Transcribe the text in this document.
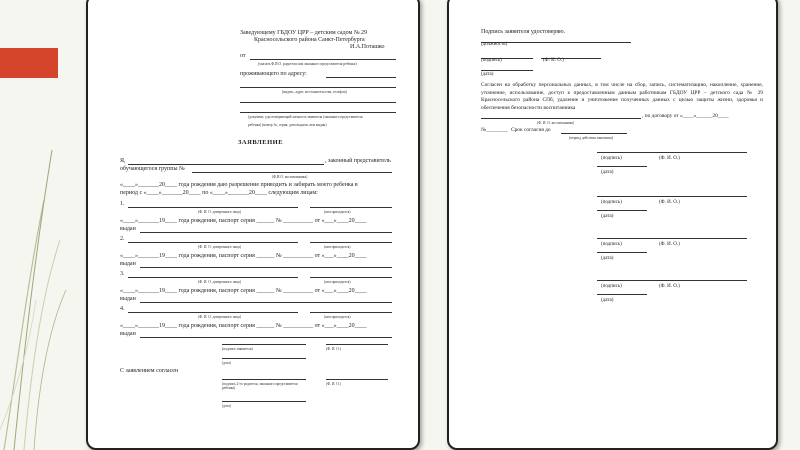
Заведующему ГБДОУ ЦРР – детским садом № 29
Красносельского района Санкт-Петербурга
И.А.Поташко
от
(указать Ф.И.О. родителя или законного представителя ребенка)
проживающего по адресу:
(индекс, адрес местожительства, телефон)
(документ, удостоверяющий личность заявителя (законного представителя
ребенка) (номер №, серия, дата выдачи, кем выдан)
ЗАЯВЛЕНИЕ
Я,	, законный представитель
обучающегося группы №
(Ф.И.О. воспитанника)
«____»_______20____ года рождения даю разрешение приводить и забирать моего ребенка в
период с «____»_______20____ по «____»_______20____ следующим лицам:
1.
(Ф. И. О. доверенного лица)	(кем приходится)
«____»_______19____ года рождения, паспорт серия ______ № __________ от «___»____20____
выдан
2.
(Ф. И. О. доверенного лица)	(кем приходится)
«____»_______19____ года рождения, паспорт серия ______ № __________ от «___»____20____
выдан
3.
(Ф. И. О. доверенного лица)	(кем приходится)
«____»_______19____ года рождения, паспорт серия ______ № __________ от «___»____20____
выдан
4.
(Ф. И. О. доверенного лица)	(кем приходится)
«____»_______19____ года рождения, паспорт серия ______ № __________ от «___»____20____
выдан
(подпись заявителя)	(Ф. И. О.)
(дата)
С заявлением согласен
(подпись 2-го родителя, законного представителя
ребенка)
(Ф. И. О.)
(дата)
Подпись заявителя удостоверяю.
(должность)
(подпись)	(Ф. И. О.)
(дата)
Согласен на обработку персональных данных, в том числе на сбор, запись, систематизацию, накопление, хранение, уточнение, использование, доступ к предоставленным данным работникам ГБДОУ ЦРР – детского сада № 29 Красносельского района СПб, удаление и уничтожение полученных данных с целью защиты жизни, здоровья и обеспечения безопасности воспитанника
, по договору от «____»______20____
(Ф. И. О. воспитанника)
№________ Срок согласия до
(период действия заявления)
(подпись)	(Ф. И. О.)
(дата)
(подпись)	(Ф. И. О.)
(дата)
(подпись)	(Ф. И. О.)
(дата)
(подпись)	(Ф. И. О.)
(дата)
